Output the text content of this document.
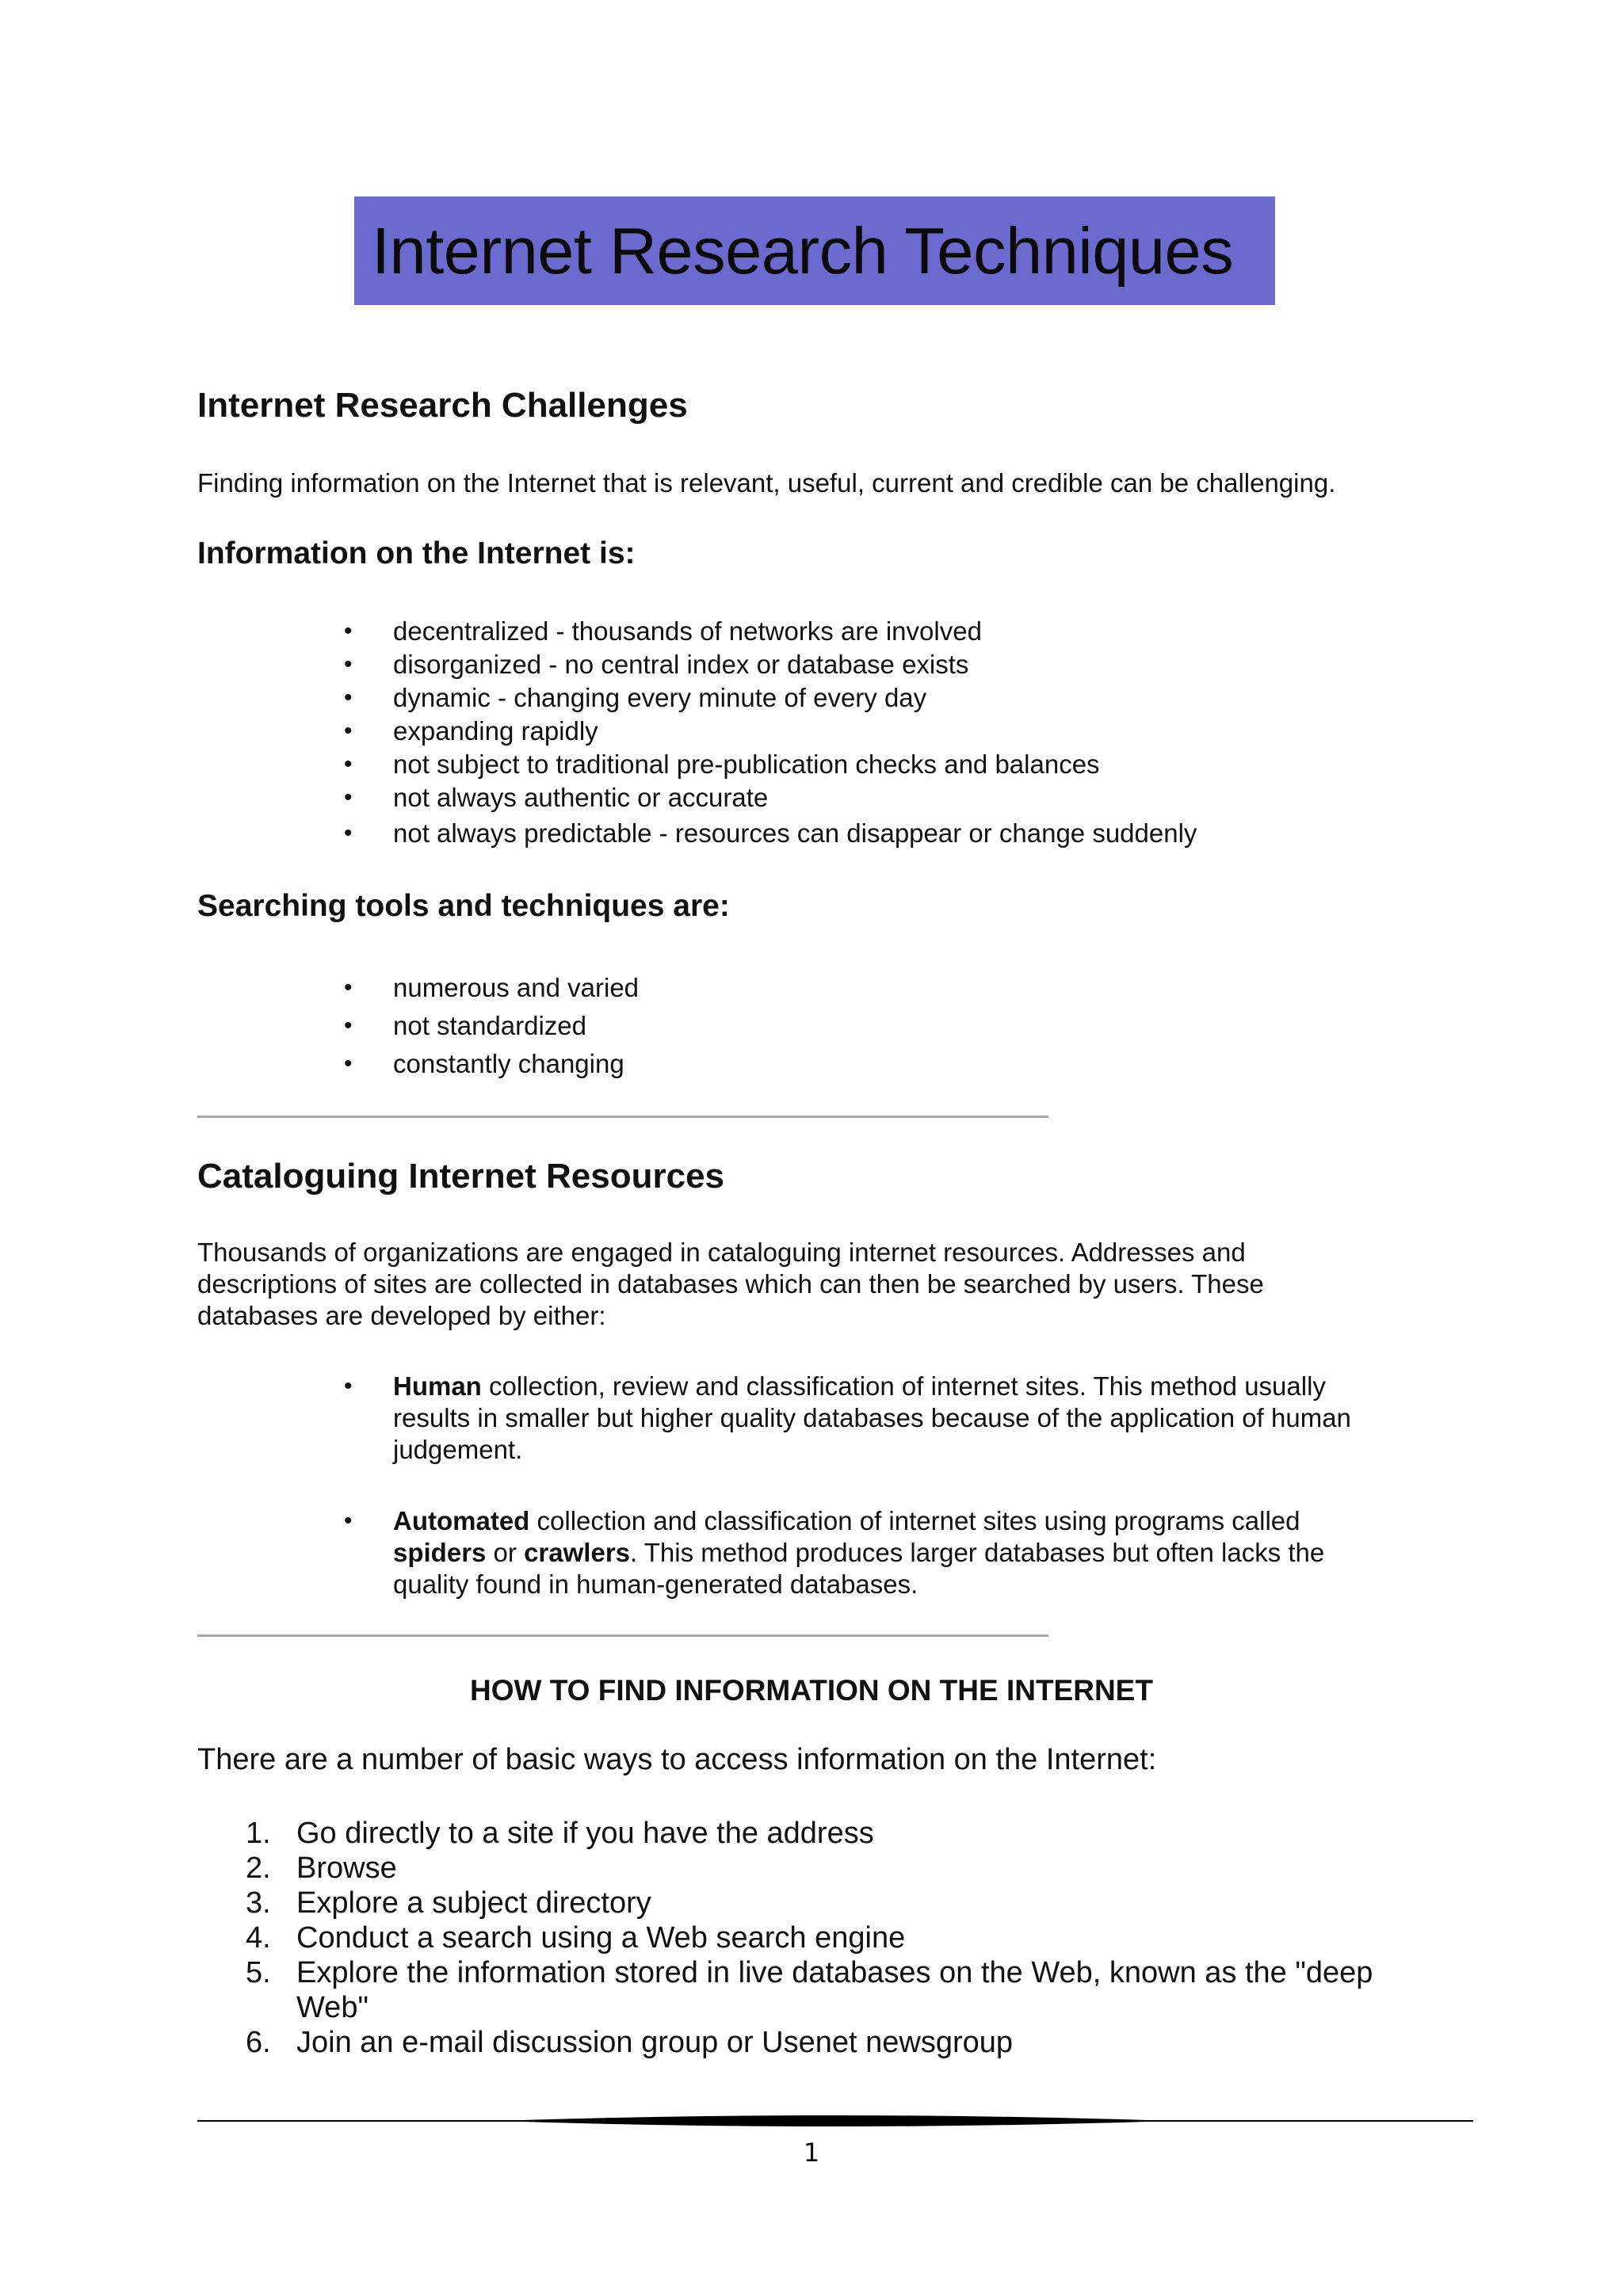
Internet Research Techniques
Internet Research Challenges

Finding information on the Internet that is relevant, useful, current and credible can be challenging.

Information on the Internet is:
• decentralized - thousands of networks are involved
• disorganized - no central index or database exists
• dynamic - changing every minute of every day
• expanding rapidly
• not subject to traditional pre-publication checks and balances
• not always authentic or accurate
• not always predictable - resources can disappear or change suddenly
Searching tools and techniques are:
• numerous and varied
• not standardized
• constantly changing
Cataloguing Internet Resources

Thousands of organizations are engaged in cataloguing internet resources. Addresses and

descriptions of sites are collected in databases which can then be searched by users. These

databases are developed by either:

• Human collection, review and classification of internet sites. This method usually
results in smaller but higher quality databases because of the application of human
judgement.
• Automated collection and classification of internet sites using programs called
spiders or crawlers. This method produces larger databases but often lacks the
quality found in human-generated databases.
HOW TO FIND INFORMATION ON THE INTERNET

There are a number of basic ways to access information on the Internet:

1. Go directly to a site if you have the address
2. Browse
3. Explore a subject directory
4. Conduct a search using a Web search engine
5. Explore the information stored in live databases on the Web, known as the "deep
Web"
6. Join an e-mail discussion group or Usenet newsgroup
1
